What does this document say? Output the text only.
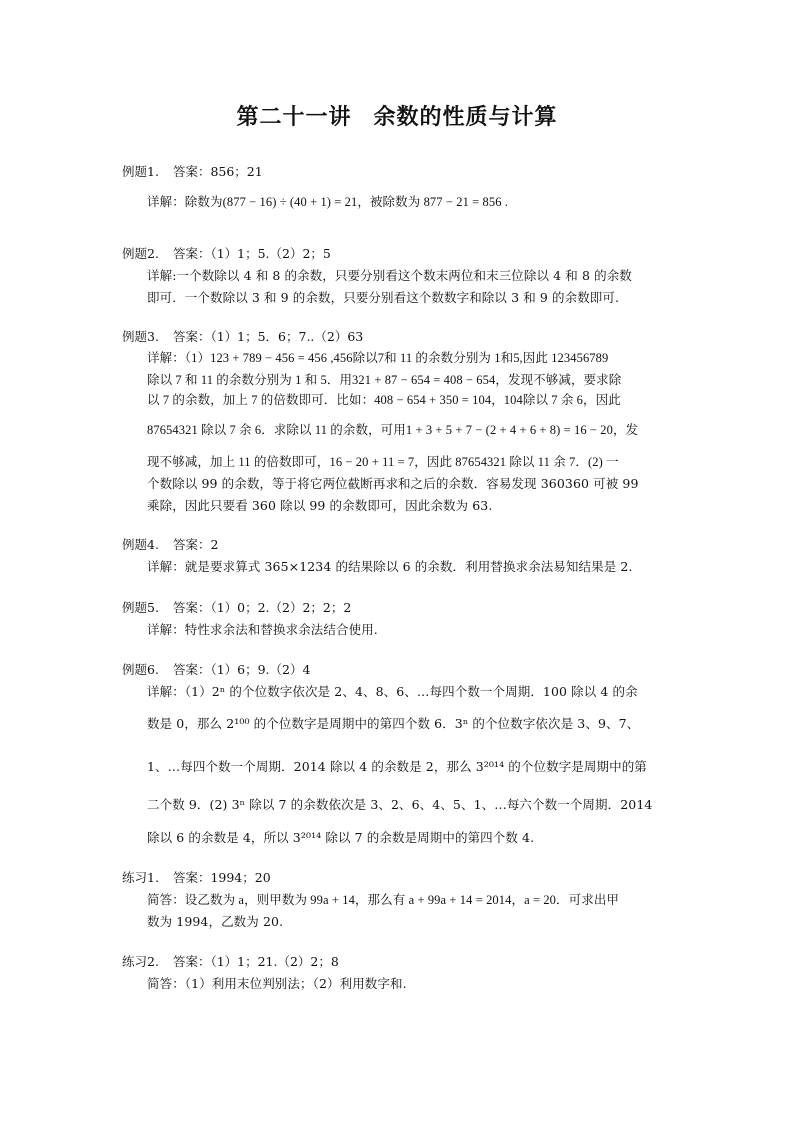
第二十一讲 余数的性质与计算
例题1. 答案：856；21
详解：除数为(877 − 16) ÷ (40 + 1) = 21，被除数为 877 − 21 = 856 .
例题2. 答案：（1）1；5.（2）2；5
详解:一个数除以 4 和 8 的余数，只要分别看这个数末两位和末三位除以 4 和 8 的余数
即可．一个数除以 3 和 9 的余数，只要分别看这个数数字和除以 3 和 9 的余数即可.
例题3. 答案：（1）1；5．6；7..（2）63
详解：（1）123 + 789 − 456 = 456 ,456除以7和 11 的余数分别为 1和5,因此 123456789
除以 7 和 11 的余数分别为 1 和 5．用321 + 87 − 654 = 408 − 654，发现不够减，要求除
以 7 的余数，加上 7 的倍数即可．比如：408 − 654 + 350 = 104，104除以 7 余 6，因此
87654321 除以 7 余 6．求除以 11 的余数，可用1 + 3 + 5 + 7 − (2 + 4 + 6 + 8) = 16 − 20，发
现不够减，加上 11 的倍数即可，16 − 20 + 11 = 7，因此 87654321 除以 11 余 7．(2) 一
个数除以 99 的余数，等于将它两位截断再求和之后的余数．容易发现 360360 可被 99
乘除，因此只要看 360 除以 99 的余数即可，因此余数为 63.
例题4. 答案：2
详解：就是要求算式 365×1234 的结果除以 6 的余数．利用替换求余法易知结果是 2.
例题5. 答案：（1）0；2.（2）2；2；2
详解：特性求余法和替换求余法结合使用.
例题6. 答案：（1）6；9.（2）4
详解：（1）2ⁿ 的个位数字依次是 2、4、8、6、…每四个数一个周期．100 除以 4 的余
数是 0，那么 2¹⁰⁰ 的个位数字是周期中的第四个数 6．3ⁿ 的个位数字依次是 3、9、7、
1、…每四个数一个周期．2014 除以 4 的余数是 2，那么 3²⁰¹⁴ 的个位数字是周期中的第
二个数 9．(2) 3ⁿ 除以 7 的余数依次是 3、2、6、4、5、1、…每六个数一个周期．2014
除以 6 的余数是 4，所以 3²⁰¹⁴ 除以 7 的余数是周期中的第四个数 4.
练习1. 答案：1994；20
简答：设乙数为 a，则甲数为 99a + 14，那么有 a + 99a + 14 = 2014，a = 20．可求出甲
数为 1994，乙数为 20.
练习2. 答案：（1）1；21.（2）2；8
简答：（1）利用末位判别法；（2）利用数字和.
